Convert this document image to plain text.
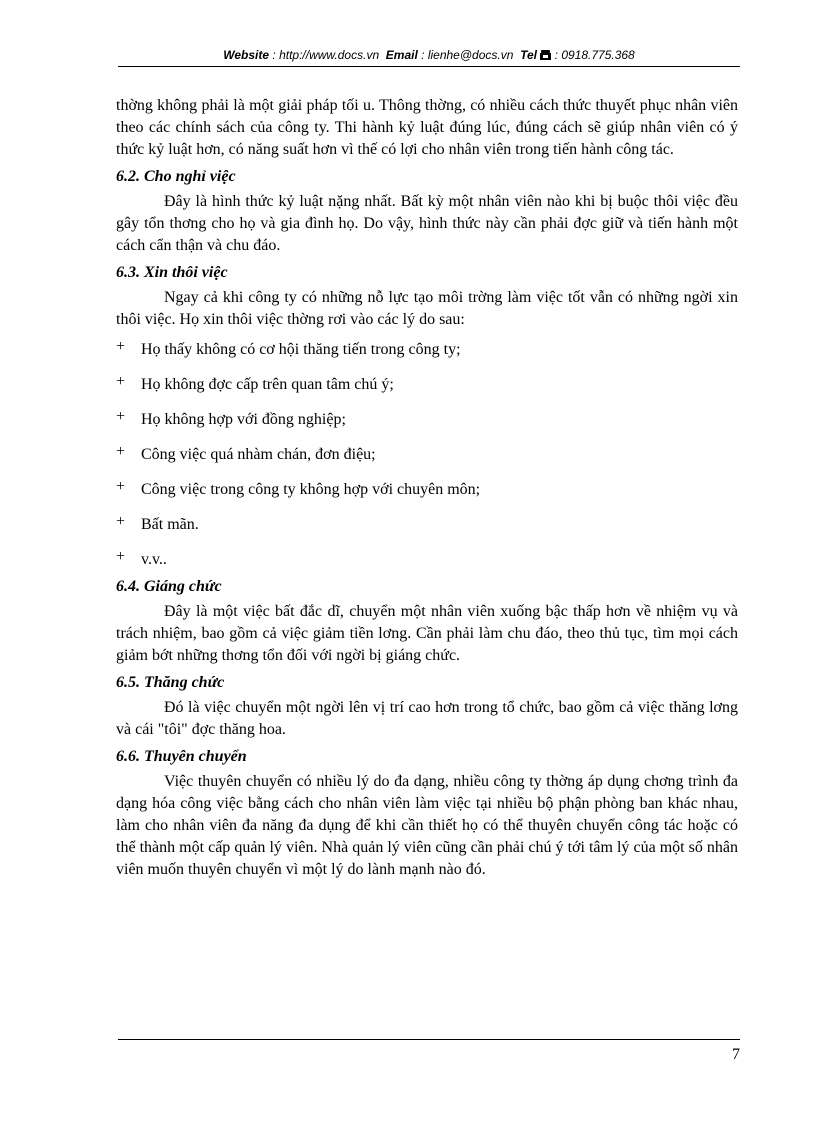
Website : http://www.docs.vn Email : lienhe@docs.vn Tel : 0918.775.368

thờng không phải là một giải pháp tối u. Thông thờng, có nhiều cách thức thuyết phục nhân viên theo các chính sách của công ty. Thi hành kỷ luật đúng lúc, đúng cách sẽ giúp nhân viên có ý thức kỷ luật hơn, có năng suất hơn vì thế có lợi cho nhân viên trong tiến hành công tác.

6.2. Cho nghỉ việc

Đây là hình thức kỷ luật nặng nhất. Bất kỳ một nhân viên nào khi bị buộc thôi việc đều gây tổn thơng cho họ và gia đình họ. Do vậy, hình thức này cần phải đợc giữ và tiến hành một cách cẩn thận và chu đáo.

6.3. Xin thôi việc

Ngay cả khi công ty có những nỗ lực tạo môi trờng làm việc tốt vẫn có những ngời xin thôi việc. Họ xin thôi việc thờng rơi vào các lý do sau:

+ Họ thấy không có cơ hội thăng tiến trong công ty;
+ Họ không đợc cấp trên quan tâm chú ý;
+ Họ không hợp với đồng nghiệp;
+ Công việc quá nhàm chán, đơn điệu;
+ Công việc trong công ty không hợp với chuyên môn;
+ Bất mãn.
+ v.v..
6.4. Giáng chức

Đây là một việc bất đắc dĩ, chuyển một nhân viên xuống bậc thấp hơn về nhiệm vụ và trách nhiệm, bao gồm cả việc giảm tiền lơng. Cần phải làm chu đáo, theo thủ tục, tìm mọi cách giảm bớt những thơng tổn đối với ngời bị giáng chức.

6.5. Thăng chức

Đó là việc chuyển một ngời lên vị trí cao hơn trong tổ chức, bao gồm cả việc thăng lơng và cái "tôi" đợc thăng hoa.

6.6. Thuyên chuyển

Việc thuyên chuyển có nhiều lý do đa dạng, nhiều công ty thờng áp dụng chơng trình đa dạng hóa công việc bằng cách cho nhân viên làm việc tại nhiều bộ phận phòng ban khác nhau, làm cho nhân viên đa năng đa dụng để khi cần thiết họ có thể thuyên chuyển công tác hoặc có thể thành một cấp quản lý viên. Nhà quản lý viên cũng cần phải chú ý tới tâm lý của một số nhân viên muốn thuyên chuyển vì một lý do lành mạnh nào đó.

7
